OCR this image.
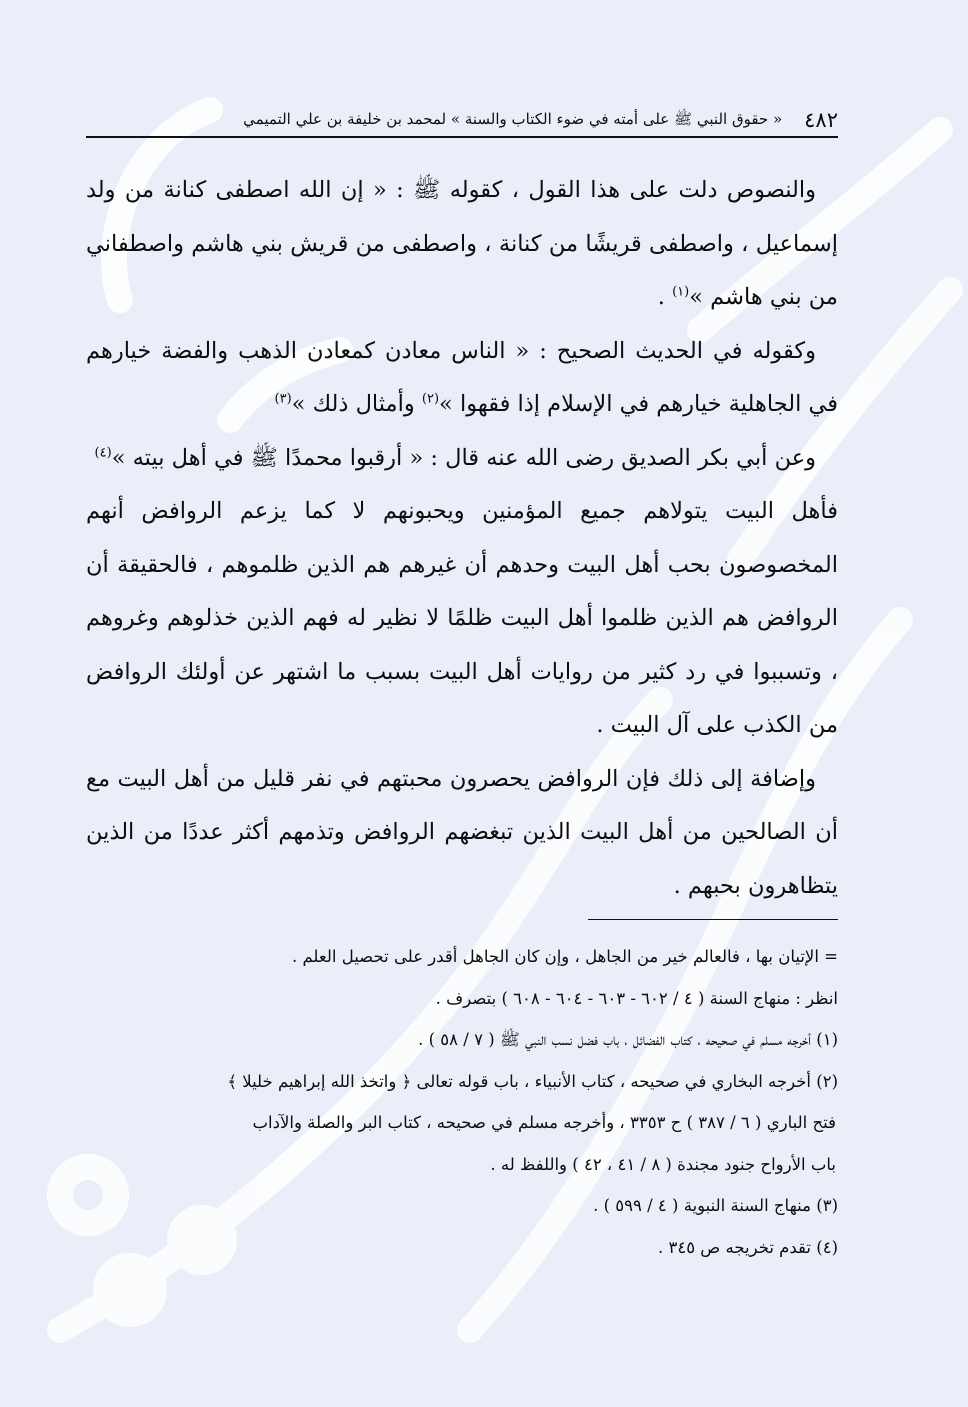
٤٨٢
« حقوق النبي ﷺ على أمته في ضوء الكتاب والسنة » لمحمد بن خليفة بن علي التميمي

والنصوص دلت على هذا القول ، كقوله ﷺ : « إن الله اصطفى كنانة من ولد إسماعيل ، واصطفى قريشًا من كنانة ، واصطفى من قريش بني هاشم واصطفاني من بني هاشم »$^{(١)}$ .

وكقوله في الحديث الصحيح : « الناس معادن كمعادن الذهب والفضة خيارهم في الجاهلية خيارهم في الإسلام إذا فقهوا »$^{(٢)}$ وأمثال ذلك »$^{(٣)}$

وعن أبي بكر الصديق رضى الله عنه قال : « أرقبوا محمدًا ﷺ في أهل بيته »$^{(٤)}$

فأهل البيت يتولاهم جميع المؤمنين ويحبونهم لا كما يزعم الروافض أنهم المخصوصون بحب أهل البيت وحدهم أن غيرهم هم الذين ظلموهم ، فالحقيقة أن الروافض هم الذين ظلموا أهل البيت ظلمًا لا نظير له فهم الذين خذلوهم وغروهم ، وتسببوا في رد كثير من روايات أهل البيت بسبب ما اشتهر عن أولئك الروافض من الكذب على آل البيت .

وإضافة إلى ذلك فإن الروافض يحصرون محبتهم في نفر قليل من أهل البيت مع أن الصالحين من أهل البيت الذين تبغضهم الروافض وتذمهم أكثر عددًا من الذين يتظاهرون بحبهم .

= الإتيان بها ، فالعالم خير من الجاهل ، وإن كان الجاهل أقدر على تحصيل العلم .

انظر : منهاج السنة ( ٤ / ٦٠٢ - ٦٠٣ - ٦٠٤ - ٦٠٨ ) بتصرف .

(١) أخرجه مسلم في صحيحه ، كتاب الفضائل ، باب فضل نسب النبي ﷺ ( ٧ / ٥٨ ) .

(٢) أخرجه البخاري في صحيحه ، كتاب الأنبياء ، باب قوله تعالى ﴿ واتخذ الله إبراهيم خليلا ﴾

فتح الباري ( ٦ / ٣٨٧ ) ح ٣٣٥٣ ، وأخرجه مسلم في صحيحه ، كتاب البر والصلة والآداب

باب الأرواح جنود مجندة ( ٨ / ٤١ ، ٤٢ ) واللفظ له .

(٣) منهاج السنة النبوية ( ٤ / ٥٩٩ ) .

(٤) تقدم تخريجه ص ٣٤٥ .
